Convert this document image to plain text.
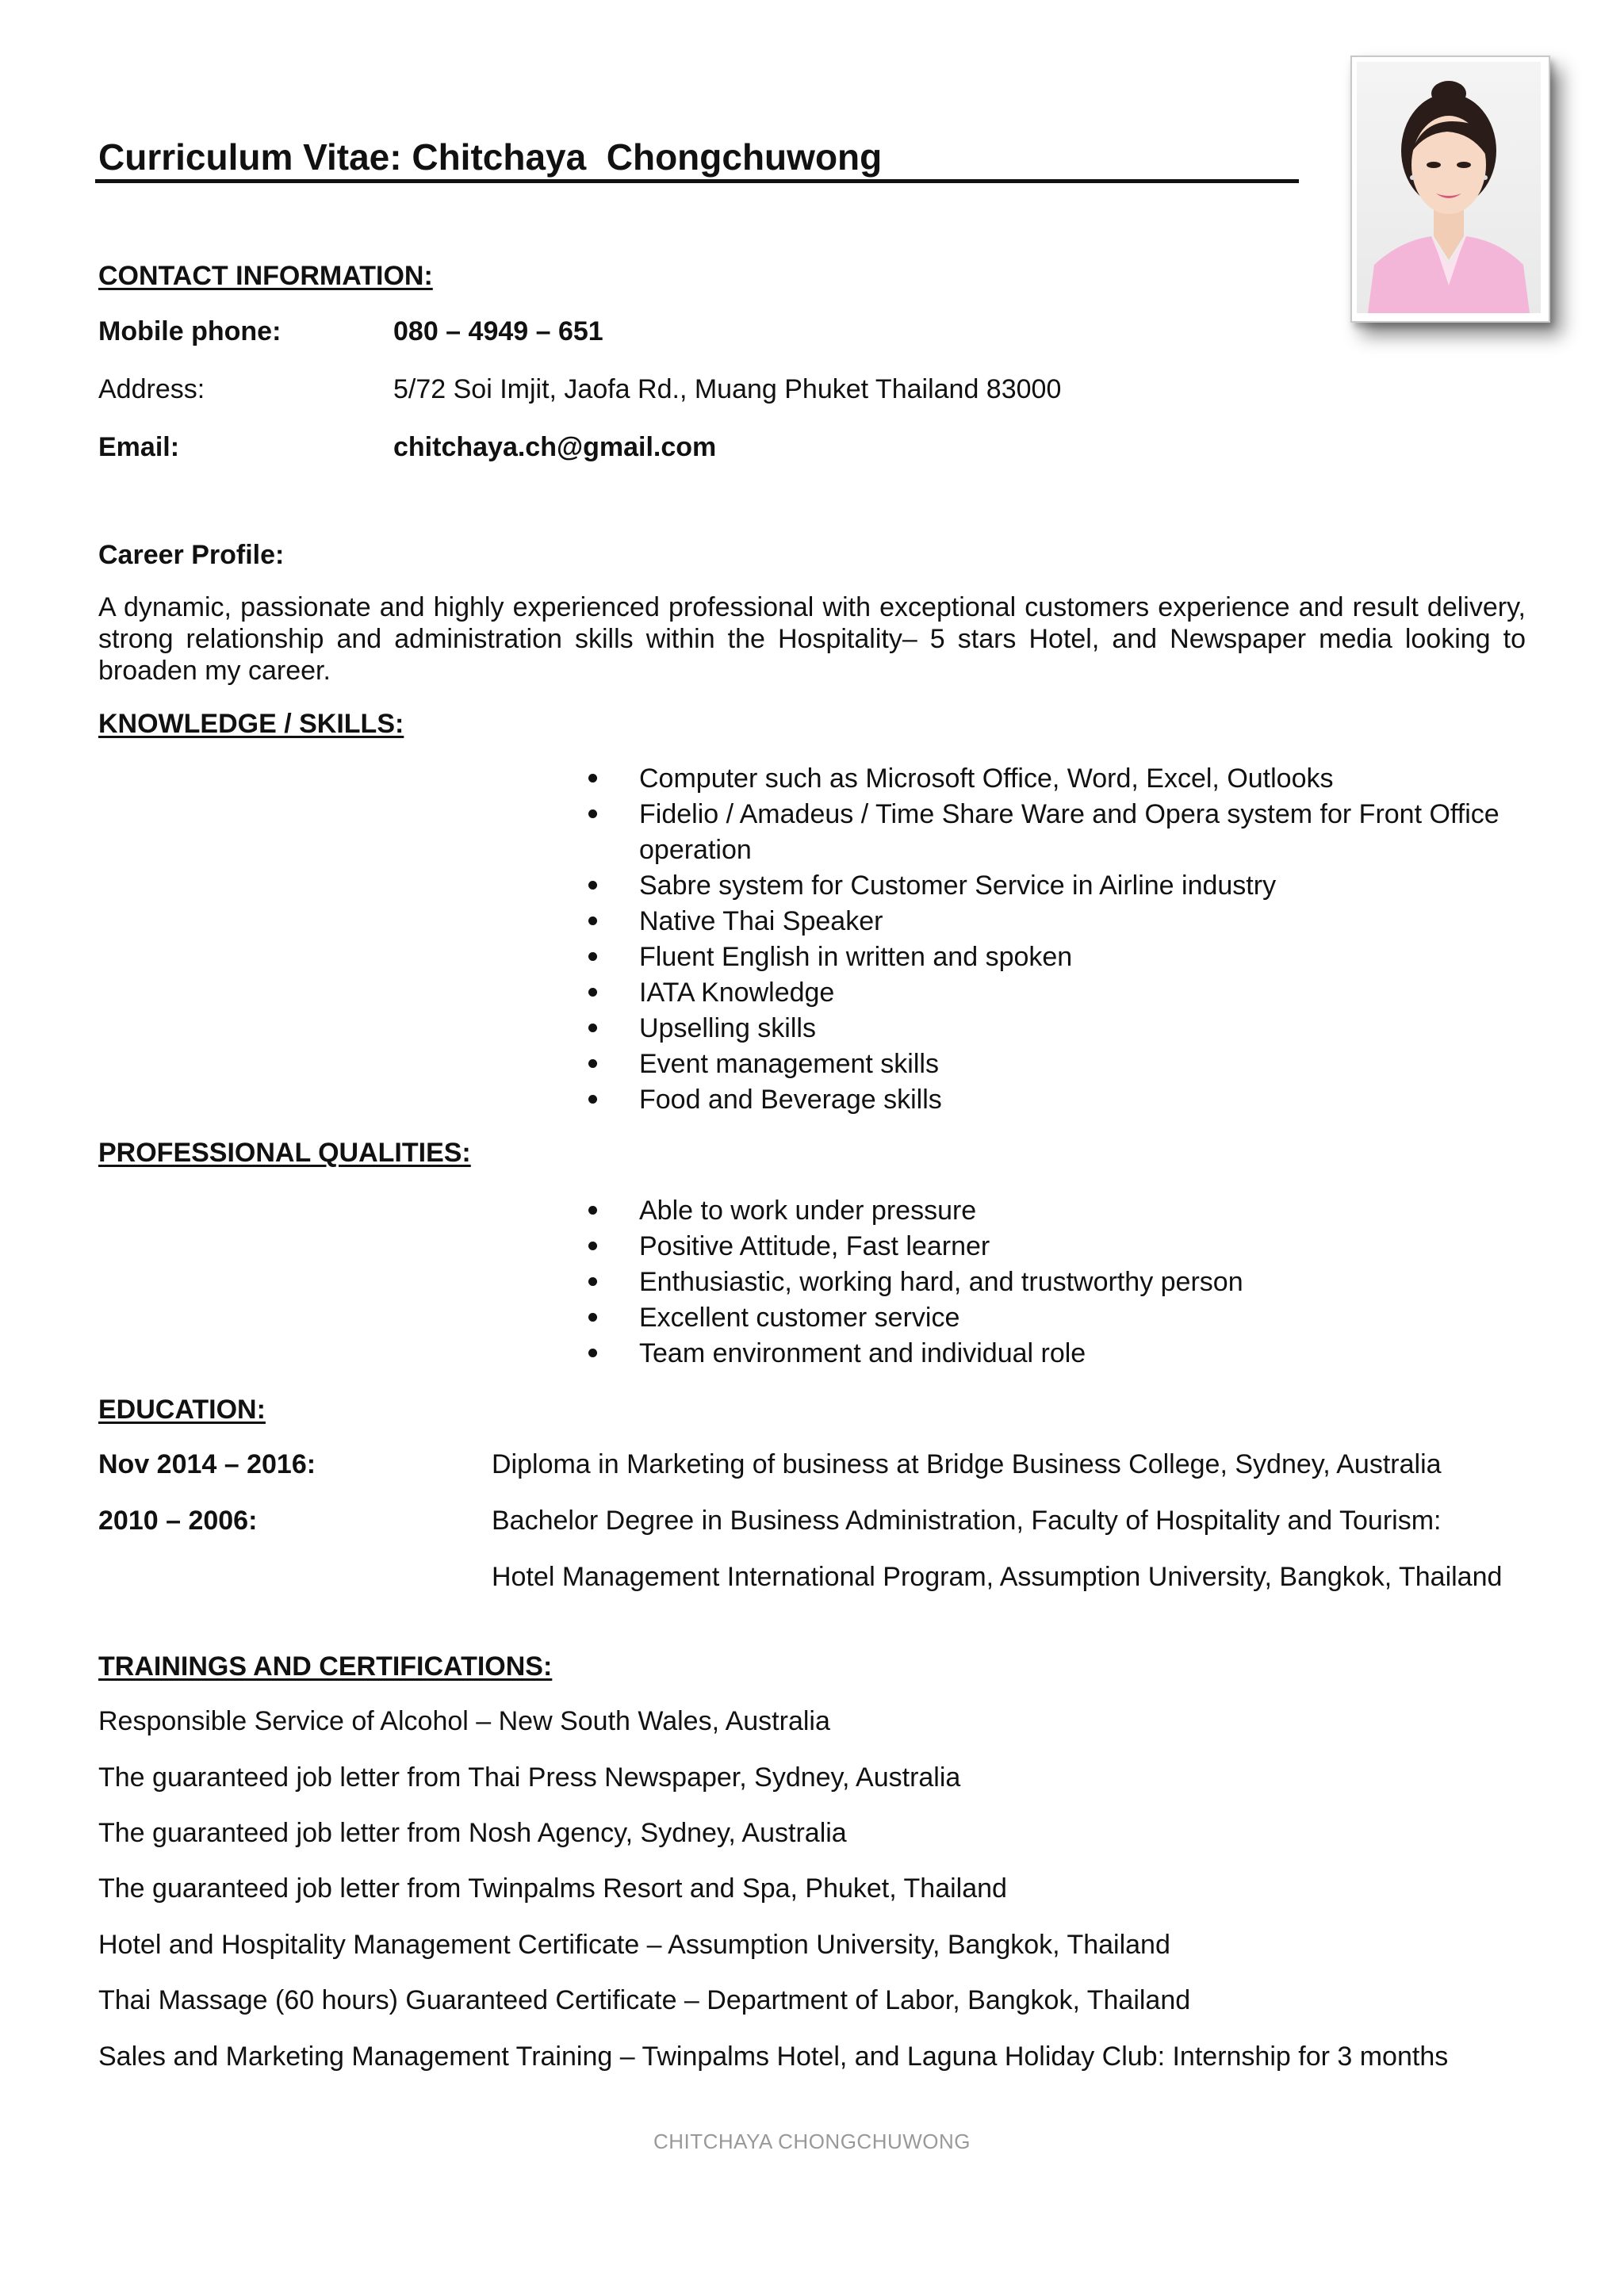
Curriculum Vitae: Chitchaya  Chongchuwong
CONTACT INFORMATION:
Mobile phone:	080 – 4949 – 651
Address:	5/72 Soi Imjit, Jaofa Rd., Muang Phuket Thailand 83000
Email:	chitchaya.ch@gmail.com
Career Profile:
A dynamic, passionate and highly experienced professional with exceptional customers experience and result delivery, strong relationship and administration skills within the Hospitality– 5 stars Hotel, and Newspaper media looking to broaden my career.
KNOWLEDGE / SKILLS:
Computer such as Microsoft Office, Word, Excel, Outlooks
Fidelio / Amadeus / Time Share Ware and Opera system for Front Office operation
Sabre system for Customer Service in Airline industry
Native Thai Speaker
Fluent English in written and spoken
IATA Knowledge
Upselling skills
Event management skills
Food and Beverage skills
PROFESSIONAL QUALITIES:
Able to work under pressure
Positive Attitude, Fast learner
Enthusiastic, working hard, and trustworthy person
Excellent customer service
Team environment and individual role
EDUCATION:
Nov 2014 – 2016:	Diploma in Marketing of business at Bridge Business College, Sydney, Australia
2010 – 2006:	Bachelor Degree in Business Administration, Faculty of Hospitality and Tourism:
Hotel Management International Program, Assumption University, Bangkok, Thailand
TRAININGS AND CERTIFICATIONS:
Responsible Service of Alcohol – New South Wales, Australia
The guaranteed job letter from Thai Press Newspaper, Sydney, Australia
The guaranteed job letter from Nosh Agency, Sydney, Australia
The guaranteed job letter from Twinpalms Resort and Spa, Phuket, Thailand
Hotel and Hospitality Management Certificate – Assumption University, Bangkok, Thailand
Thai Massage (60 hours) Guaranteed Certificate – Department of Labor, Bangkok, Thailand
Sales and Marketing Management Training – Twinpalms Hotel, and Laguna Holiday Club: Internship for 3 months
CHITCHAYA CHONGCHUWONG
